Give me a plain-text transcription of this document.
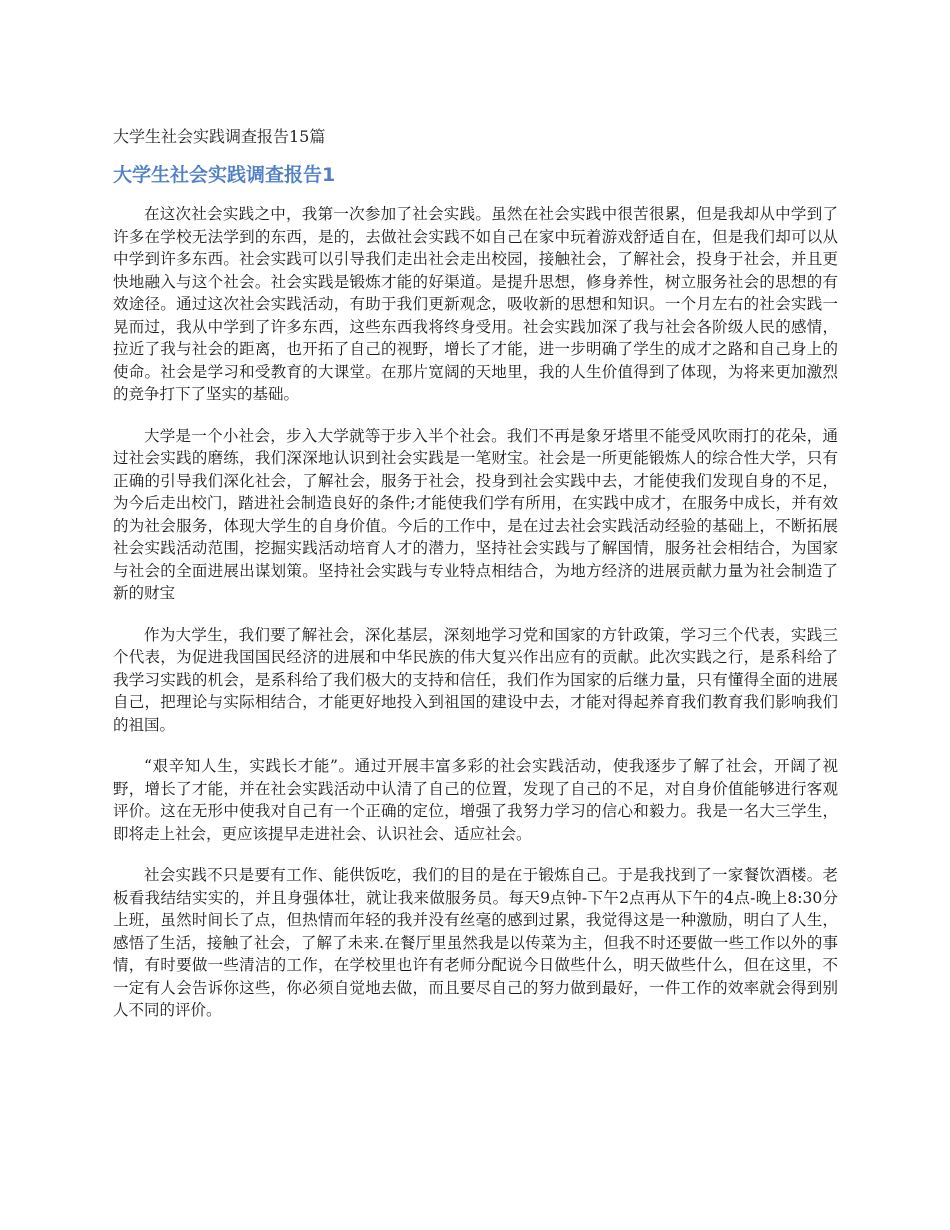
大学生社会实践调查报告15篇
大学生社会实践调查报告1

在这次社会实践之中，我第一次参加了社会实践。虽然在社会实践中很苦很累，但是我却从中学到了许多在学校无法学到的东西，是的，去做社会实践不如自己在家中玩着游戏舒适自在，但是我们却可以从中学到许多东西。社会实践可以引导我们走出社会走出校园，接触社会，了解社会，投身于社会，并且更快地融入与这个社会。社会实践是锻炼才能的好渠道。是提升思想，修身养性，树立服务社会的思想的有效途径。通过这次社会实践活动，有助于我们更新观念，吸收新的思想和知识。一个月左右的社会实践一晃而过，我从中学到了许多东西，这些东西我将终身受用。社会实践加深了我与社会各阶级人民的感情，拉近了我与社会的距离，也开拓了自己的视野，增长了才能，进一步明确了学生的成才之路和自己身上的使命。社会是学习和受教育的大课堂。在那片宽阔的天地里，我的人生价值得到了体现，为将来更加激烈的竞争打下了坚实的基础。

大学是一个小社会，步入大学就等于步入半个社会。我们不再是象牙塔里不能受风吹雨打的花朵，通过社会实践的磨练，我们深深地认识到社会实践是一笔财宝。社会是一所更能锻炼人的综合性大学，只有正确的引导我们深化社会，了解社会，服务于社会，投身到社会实践中去，才能使我们发现自身的不足，为今后走出校门，踏进社会制造良好的条件;才能使我们学有所用，在实践中成才，在服务中成长，并有效的为社会服务，体现大学生的自身价值。今后的工作中，是在过去社会实践活动经验的基础上，不断拓展社会实践活动范围，挖掘实践活动培育人才的潜力，坚持社会实践与了解国情，服务社会相结合，为国家与社会的全面进展出谋划策。坚持社会实践与专业特点相结合，为地方经济的进展贡献力量为社会制造了新的财宝

作为大学生，我们要了解社会，深化基层，深刻地学习党和国家的方针政策，学习三个代表，实践三个代表，为促进我国国民经济的进展和中华民族的伟大复兴作出应有的贡献。此次实践之行，是系科给了我学习实践的机会，是系科给了我们极大的支持和信任，我们作为国家的后继力量，只有懂得全面的进展自己，把理论与实际相结合，才能更好地投入到祖国的建设中去，才能对得起养育我们教育我们影响我们的祖国。

“艰辛知人生，实践长才能”。通过开展丰富多彩的社会实践活动，使我逐步了解了社会，开阔了视野，增长了才能，并在社会实践活动中认清了自己的位置，发现了自己的不足，对自身价值能够进行客观评价。这在无形中使我对自己有一个正确的定位，增强了我努力学习的信心和毅力。我是一名大三学生，即将走上社会，更应该提早走进社会、认识社会、适应社会。

社会实践不只是要有工作、能供饭吃，我们的目的是在于锻炼自己。于是我找到了一家餐饮酒楼。老板看我结结实实的，并且身强体壮，就让我来做服务员。每天9点钟-下午2点再从下午的4点-晚上8:30分上班，虽然时间长了点，但热情而年轻的我并没有丝毫的感到过累，我觉得这是一种激励，明白了人生，感悟了生活，接触了社会，了解了未来.在餐厅里虽然我是以传菜为主，但我不时还要做一些工作以外的事情，有时要做一些清洁的工作，在学校里也许有老师分配说今日做些什么，明天做些什么，但在这里，不一定有人会告诉你这些，你必须自觉地去做，而且要尽自己的努力做到最好，一件工作的效率就会得到别人不同的评价。
